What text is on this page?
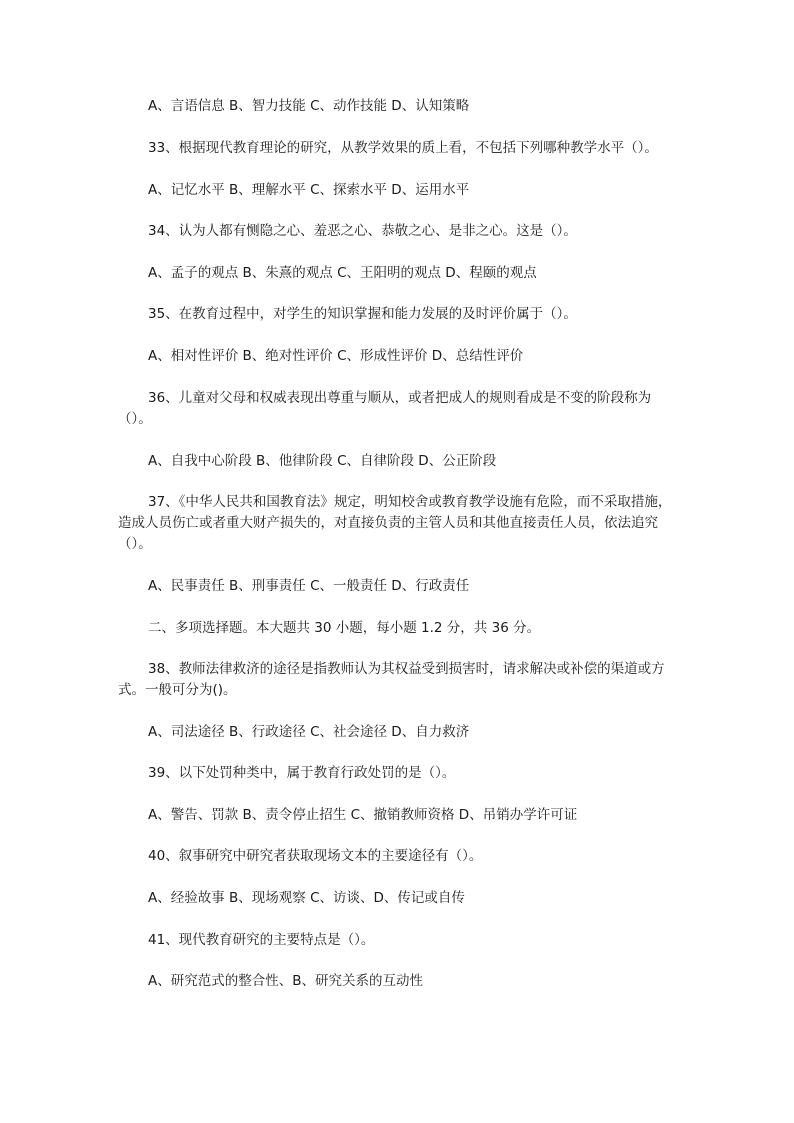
A、言语信息 B、智力技能 C、动作技能 D、认知策略

33、根据现代教育理论的研究，从教学效果的质上看，不包括下列哪种教学水平（）。

A、记忆水平 B、理解水平 C、探索水平 D、运用水平

34、认为人都有恻隐之心、羞恶之心、恭敬之心、是非之心。这是（）。

A、孟子的观点 B、朱熹的观点 C、王阳明的观点 D、程颐的观点

35、在教育过程中，对学生的知识掌握和能力发展的及时评价属于（）。

A、相对性评价 B、绝对性评价 C、形成性评价 D、总结性评价

36、儿童对父母和权威表现出尊重与顺从，或者把成人的规则看成是不变的阶段称为（）。

A、自我中心阶段 B、他律阶段 C、自律阶段 D、公正阶段

37、《中华人民共和国教育法》规定，明知校舍或教育教学设施有危险，而不采取措施，造成人员伤亡或者重大财产损失的，对直接负责的主管人员和其他直接责任人员，依法追究（）。

A、民事责任 B、刑事责任 C、一般责任 D、行政责任

二、多项选择题。本大题共 30 小题，每小题 1.2 分，共 36 分。

38、教师法律救济的途径是指教师认为其权益受到损害时，请求解决或补偿的渠道或方式。一般可分为()。

A、司法途径 B、行政途径 C、社会途径 D、自力救济

39、以下处罚种类中，属于教育行政处罚的是（）。

A、警告、罚款 B、责令停止招生 C、撤销教师资格 D、吊销办学许可证

40、叙事研究中研究者获取现场文本的主要途径有（）。

A、经验故事 B、现场观察 C、访谈、D、传记或自传

41、现代教育研究的主要特点是（）。

A、研究范式的整合性、B、研究关系的互动性
